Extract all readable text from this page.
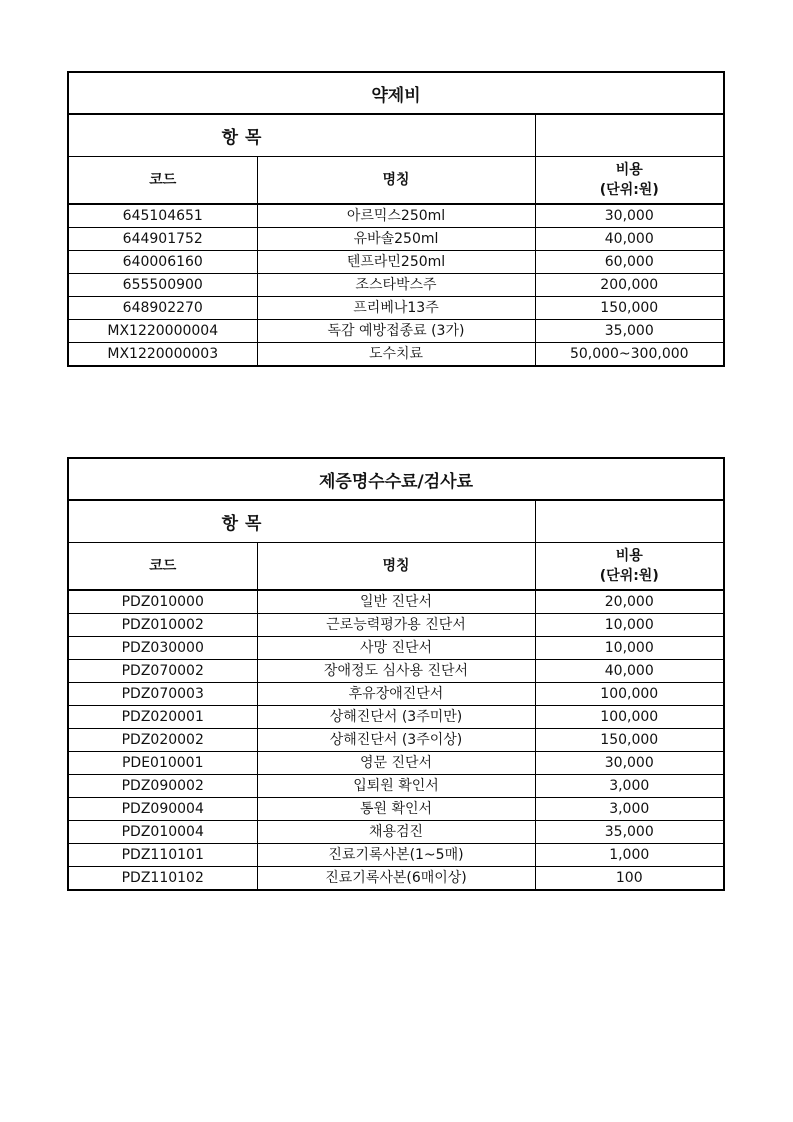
약제비		
항 목		
코드	명칭	비용
(단위:원)
645104651	아르믹스250ml	30,000
644901752	유바솔250ml	40,000
640006160	텐프라민250ml	60,000
655500900	조스타박스주	200,000
648902270	프리베나13주	150,000
MX1220000004	독감 예방접종료 (3가)	35,000
MX1220000003	도수치료	50,000~300,000
제증명수수료/검사료		
항 목		
코드	명칭	비용
(단위:원)
PDZ010000	일반 진단서	20,000
PDZ010002	근로능력평가용 진단서	10,000
PDZ030000	사망 진단서	10,000
PDZ070002	장애정도 심사용 진단서	40,000
PDZ070003	후유장애진단서	100,000
PDZ020001	상해진단서 (3주미만)	100,000
PDZ020002	상해진단서 (3주이상)	150,000
PDE010001	영문 진단서	30,000
PDZ090002	입퇴원 확인서	3,000
PDZ090004	통원 확인서	3,000
PDZ010004	채용검진	35,000
PDZ110101	진료기록사본(1~5매)	1,000
PDZ110102	진료기록사본(6매이상)	100
